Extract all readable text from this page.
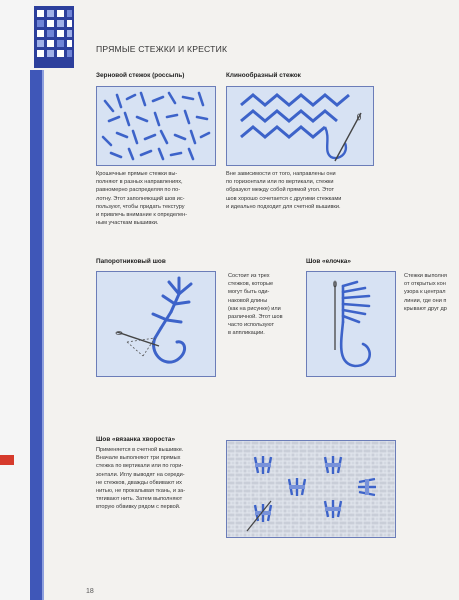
ПРЯМЫЕ СТЕЖКИ И КРЕСТИК
Зерновой стежок (россыпь)
Крошечные прямые стежки вы-
полняют в разных направлениях,
равномерно распределяя по по-
лотну. Этот заполняющий шов ис-
пользуют, чтобы придать текстуру
и привлечь внимание к определен-
ным участкам вышивки.
Клинообразный стежок
Вне зависимости от того, направлены они
по горизонтали или по вертикали, стежки
образуют между собой прямой угол. Этот
шов хорошо сочетается с другими стежками
и идеально подходит для счетной вышивки.
Папоротниковый шов
Состоит из трех
стежков, которые
могут быть оди-
наковой длины
(как на рисунке) или
различной. Этот шов
часто используют
в аппликации.
Шов «елочка»
Стежки выполня
от открытых кон
узора к централ
линии, где они п
крывают друг др
Шов «вязанка хвороста»
Применяется в счетной вышивке.
Вначале выполняют три прямых
стежка по вертикали или по гори-
зонтали. Иглу выводят на середи-
не стежков, дважды обвивают их
нитью, не прокалывая ткань, и за-
тягивают нить. Затем выполняют
вторую обвивку рядом с первой.
18
